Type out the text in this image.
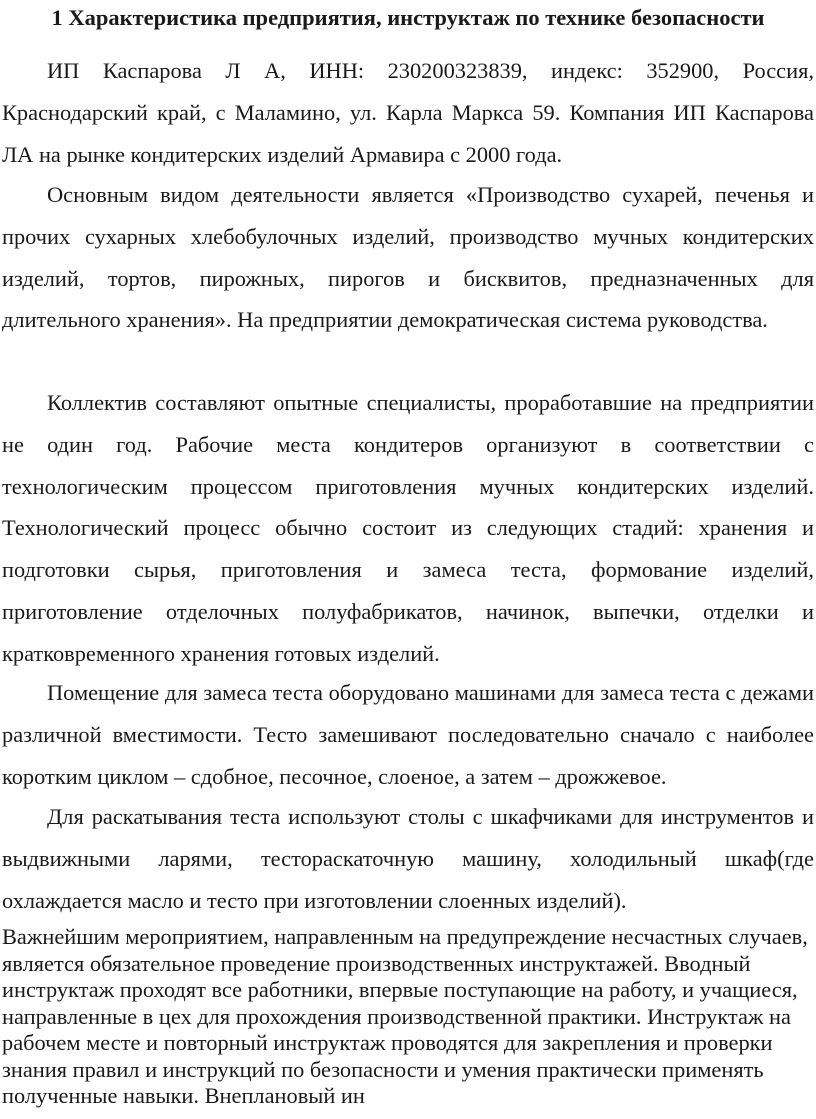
1 Характеристика предприятия, инструктаж по технике безопасности

ИП Каспарова Л А, ИНН: 230200323839, индекс: 352900, Россия, Краснодарский край, с Маламино, ул. Карла Маркса 59. Компания ИП Каспарова ЛА на рынке кондитерских изделий Армавира с 2000 года.

Основным видом деятельности является «Производство сухарей, печенья и прочих сухарных хлебобулочных изделий, производство мучных кондитерских изделий, тортов, пирожных, пирогов и бисквитов, предназначенных для длительного хранения». На предприятии демократическая система руководства.

Коллектив составляют опытные специалисты, проработавшие на предприятии не один год. Рабочие места кондитеров организуют в соответствии с технологическим процессом приготовления мучных кондитерских изделий. Технологический процесс обычно состоит из следующих стадий: хранения и подготовки сырья, приготовления и замеса теста, формование изделий, приготовление отделочных полуфабрикатов, начинок, выпечки, отделки и кратковременного хранения готовых изделий.

Помещение для замеса теста оборудовано машинами для замеса теста с дежами различной вместимости. Тесто замешивают последовательно сначало с наиболее коротким циклом – сдобное, песочное, слоеное, а затем – дрожжевое.

Для раскатывания теста используют столы с шкафчиками для инструментов и выдвижными ларями, тестораскаточную машину, холодильный шкаф(где охлаждается масло и тесто при изготовлении слоенных изделий).

Важнейшим мероприятием, направленным на предупреждение несчастных случаев, является обязательное проведение производственных инструктажей. Вводный инструктаж проходят все работники, впервые поступающие на работу, и учащиеся, направленные в цех для прохождения производственной практики. Инструктаж на рабочем месте и повторный инструктаж проводятся для закрепления и проверки знания правил и инструкций по безопасности и умения практически применять полученные навыки. Внеплановый ин
